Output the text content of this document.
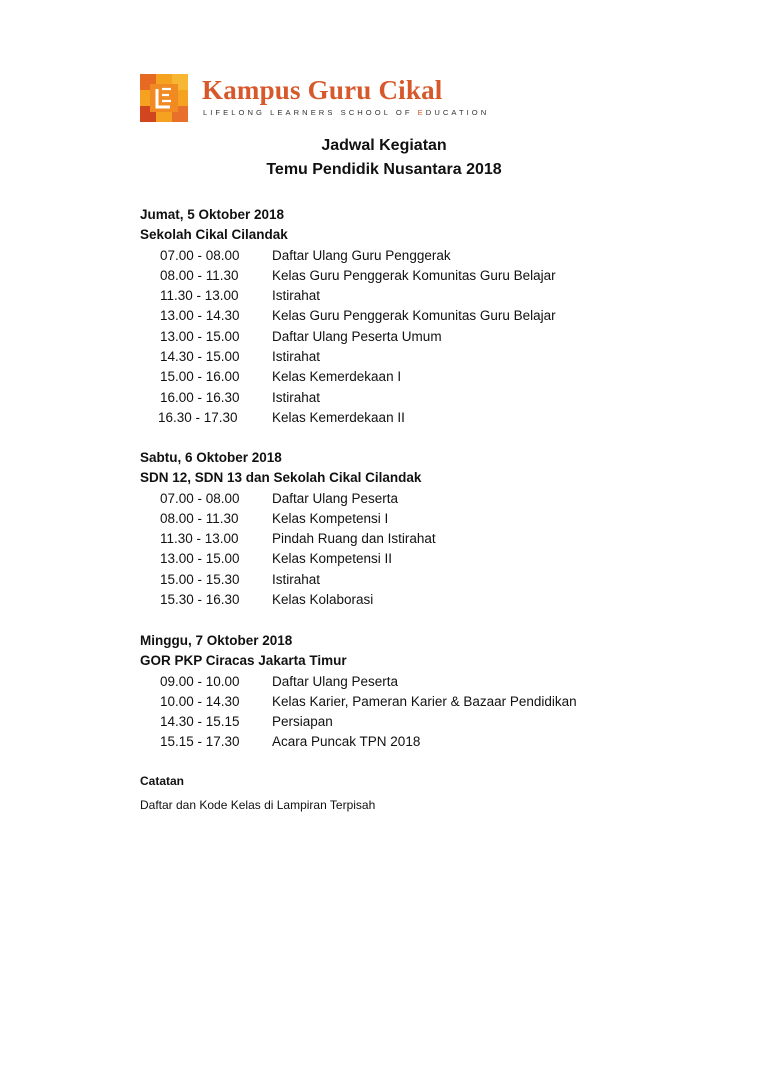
Kampus Guru Cikal
LIFELONG LEARNERS SCHOOL OF EDUCATION
Jadwal Kegiatan
Temu Pendidik Nusantara 2018
Jumat, 5 Oktober 2018
Sekolah Cikal Cilandak
07.00 - 08.00 Daftar Ulang Guru Penggerak
08.00 - 11.30 Kelas Guru Penggerak Komunitas Guru Belajar
11.30 - 13.00 Istirahat
13.00 - 14.30 Kelas Guru Penggerak Komunitas Guru Belajar
13.00 - 15.00 Daftar Ulang Peserta Umum
14.30 - 15.00 Istirahat
15.00 - 16.00 Kelas Kemerdekaan I
16.00 - 16.30 Istirahat
16.30 - 17.30	Kelas Kemerdekaan II
Sabtu, 6 Oktober 2018
SDN 12, SDN 13 dan Sekolah Cikal Cilandak
07.00 - 08.00 Daftar Ulang Peserta
08.00 - 11.30 Kelas Kompetensi I
11.30 - 13.00 Pindah Ruang dan Istirahat
13.00 - 15.00 Kelas Kompetensi II
15.00 - 15.30 Istirahat
15.30 - 16.30 Kelas Kolaborasi
Minggu, 7 Oktober 2018
GOR PKP Ciracas Jakarta Timur
09.00 - 10.00 Daftar Ulang Peserta
10.00 - 14.30 Kelas Karier, Pameran Karier & Bazaar Pendidikan
14.30 - 15.15 Persiapan
15.15 - 17.30 Acara Puncak TPN 2018
Catatan
Daftar dan Kode Kelas di Lampiran Terpisah
